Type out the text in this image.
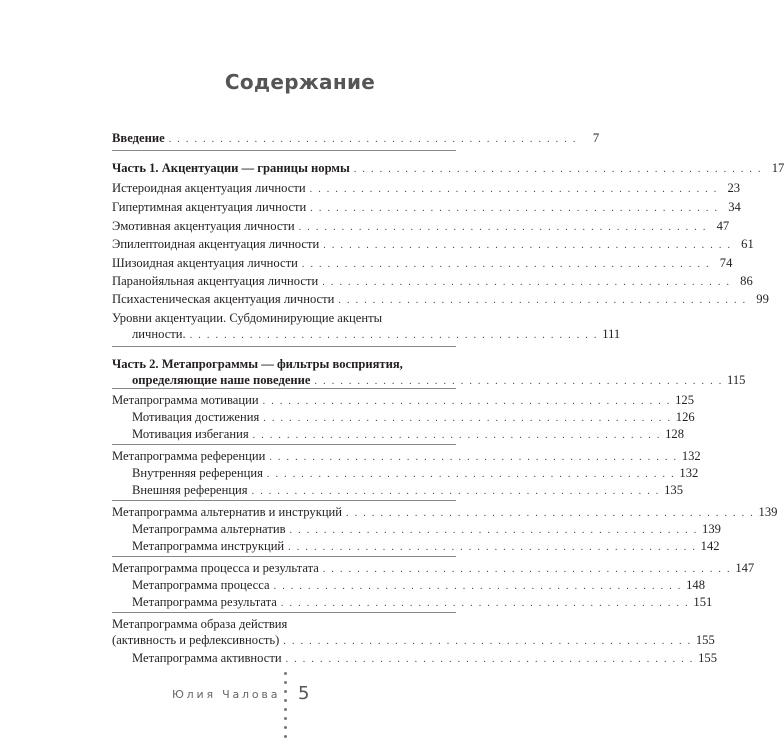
Содержание
Введение . . . . . . . . . . . . . . . . . . . . . . . . . . . . . . . . . . . . . . . . . . . . . . . .	7
Часть 1. Акцентуации — границы нормы . . . . . . . . . . . . . . . . . . . . . . . . . . . . . . . . . . . . . . . . . . . . . . . . 17
Истероидная акцентуация личности . . . . . . . . . . . . . . . . . . . . . . . . . . . . . . . . . . . . . . . . . . . . . . . . 23
Гипертимная акцентуация личности . . . . . . . . . . . . . . . . . . . . . . . . . . . . . . . . . . . . . . . . . . . . . . . . 34
Эмотивная акцентуация личности . . . . . . . . . . . . . . . . . . . . . . . . . . . . . . . . . . . . . . . . . . . . . . . . 47
Эпилептоидная акцентуация личности . . . . . . . . . . . . . . . . . . . . . . . . . . . . . . . . . . . . . . . . . . . . . . . . 61
Шизоидная акцентуация личности . . . . . . . . . . . . . . . . . . . . . . . . . . . . . . . . . . . . . . . . . . . . . . . . 74
Паранойяльная акцентуация личности . . . . . . . . . . . . . . . . . . . . . . . . . . . . . . . . . . . . . . . . . . . . . . . . 86
Психастеническая акцентуация личности . . . . . . . . . . . . . . . . . . . . . . . . . . . . . . . . . . . . . . . . . . . . . . . . 99
Уровни акцентуации. Субдоминирующие акценты
личности. . . . . . . . . . . . . . . . . . . . . . . . . . . . . . . . . . . . . . . . . . . . . . . . . 111
Часть 2. Метапрограммы — фильтры восприятия,
определяющие наше поведение . . . . . . . . . . . . . . . . . . . . . . . . . . . . . . . . . . . . . . . . . . . . . . . . 115
Метапрограмма мотивации . . . . . . . . . . . . . . . . . . . . . . . . . . . . . . . . . . . . . . . . . . . . . . . . 125
Мотивация достижения . . . . . . . . . . . . . . . . . . . . . . . . . . . . . . . . . . . . . . . . . . . . . . . . 126
Мотивация избегания . . . . . . . . . . . . . . . . . . . . . . . . . . . . . . . . . . . . . . . . . . . . . . . . 128
Метапрограмма референции . . . . . . . . . . . . . . . . . . . . . . . . . . . . . . . . . . . . . . . . . . . . . . . . 132
Внутренняя референция . . . . . . . . . . . . . . . . . . . . . . . . . . . . . . . . . . . . . . . . . . . . . . . . 132
Внешняя референция . . . . . . . . . . . . . . . . . . . . . . . . . . . . . . . . . . . . . . . . . . . . . . . . 135
Метапрограмма альтернатив и инструкций . . . . . . . . . . . . . . . . . . . . . . . . . . . . . . . . . . . . . . . . . . . . . . . . 139
Метапрограмма альтернатив . . . . . . . . . . . . . . . . . . . . . . . . . . . . . . . . . . . . . . . . . . . . . . . . 139
Метапрограмма инструкций . . . . . . . . . . . . . . . . . . . . . . . . . . . . . . . . . . . . . . . . . . . . . . . . 142
Метапрограмма процесса и результата . . . . . . . . . . . . . . . . . . . . . . . . . . . . . . . . . . . . . . . . . . . . . . . . 147
Метапрограмма процесса . . . . . . . . . . . . . . . . . . . . . . . . . . . . . . . . . . . . . . . . . . . . . . . . 148
Метапрограмма результата . . . . . . . . . . . . . . . . . . . . . . . . . . . . . . . . . . . . . . . . . . . . . . . . 151
Метапрограмма образа действия
(активность и рефлексивность) . . . . . . . . . . . . . . . . . . . . . . . . . . . . . . . . . . . . . . . . . . . . . . . . 155
Метапрограмма активности . . . . . . . . . . . . . . . . . . . . . . . . . . . . . . . . . . . . . . . . . . . . . . . . 155
Юлия Чалова 5
